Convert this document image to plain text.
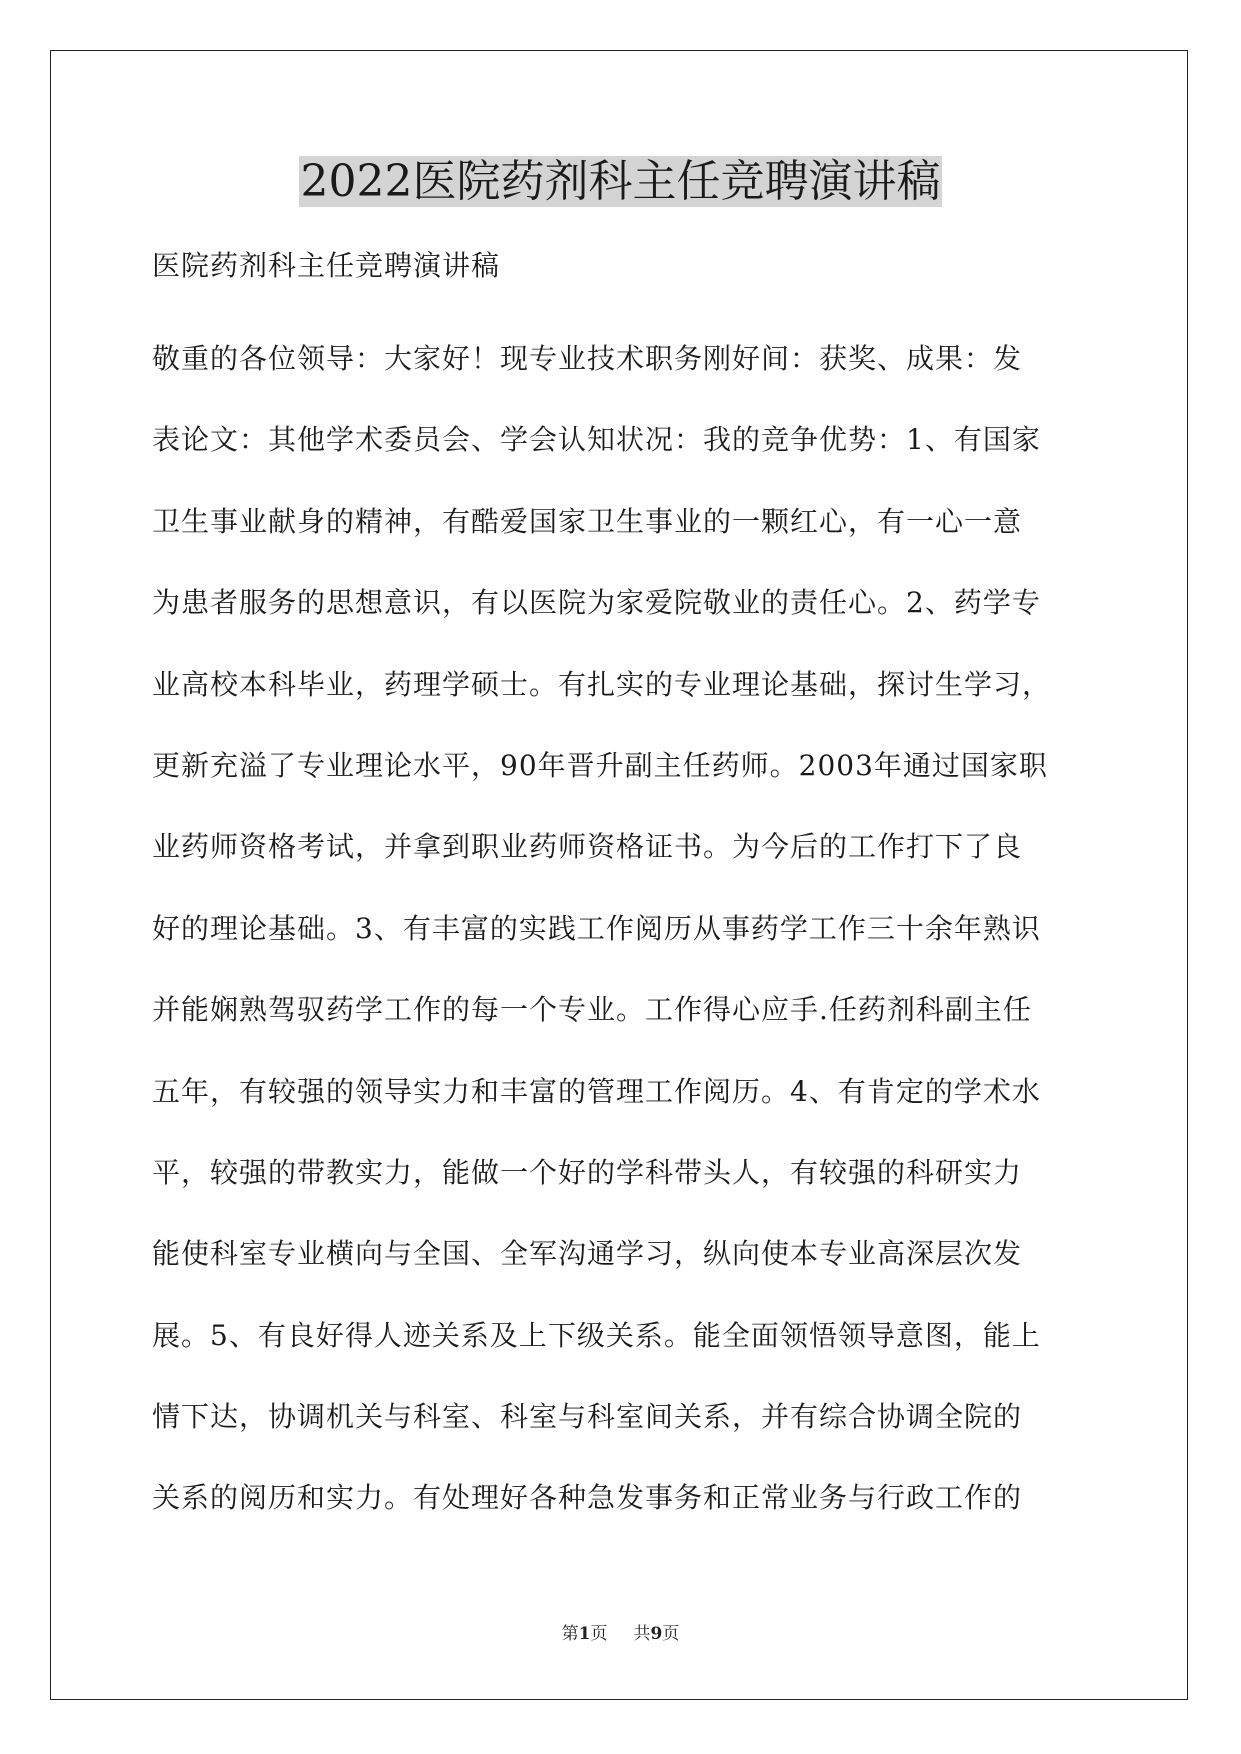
2022医院药剂科主任竞聘演讲稿

医院药剂科主任竞聘演讲稿

敬重的各位领导：大家好！现专业技术职务刚好间：获奖、成果：发

表论文：其他学术委员会、学会认知状况：我的竞争优势：1、有国家

卫生事业献身的精神，有酷爱国家卫生事业的一颗红心，有一心一意

为患者服务的思想意识，有以医院为家爱院敬业的责任心。2、药学专

业高校本科毕业，药理学硕士。有扎实的专业理论基础，探讨生学习，

更新充溢了专业理论水平，90年晋升副主任药师。2003年通过国家职

业药师资格考试，并拿到职业药师资格证书。为今后的工作打下了良

好的理论基础。3、有丰富的实践工作阅历从事药学工作三十余年熟识

并能娴熟驾驭药学工作的每一个专业。工作得心应手.任药剂科副主任

五年，有较强的领导实力和丰富的管理工作阅历。4、有肯定的学术水

平，较强的带教实力，能做一个好的学科带头人，有较强的科研实力

能使科室专业横向与全国、全军沟通学习，纵向使本专业高深层次发

展。5、有良好得人迹关系及上下级关系。能全面领悟领导意图，能上

情下达，协调机关与科室、科室与科室间关系，并有综合协调全院的

关系的阅历和实力。有处理好各种急发事务和正常业务与行政工作的

第1页 共9页
